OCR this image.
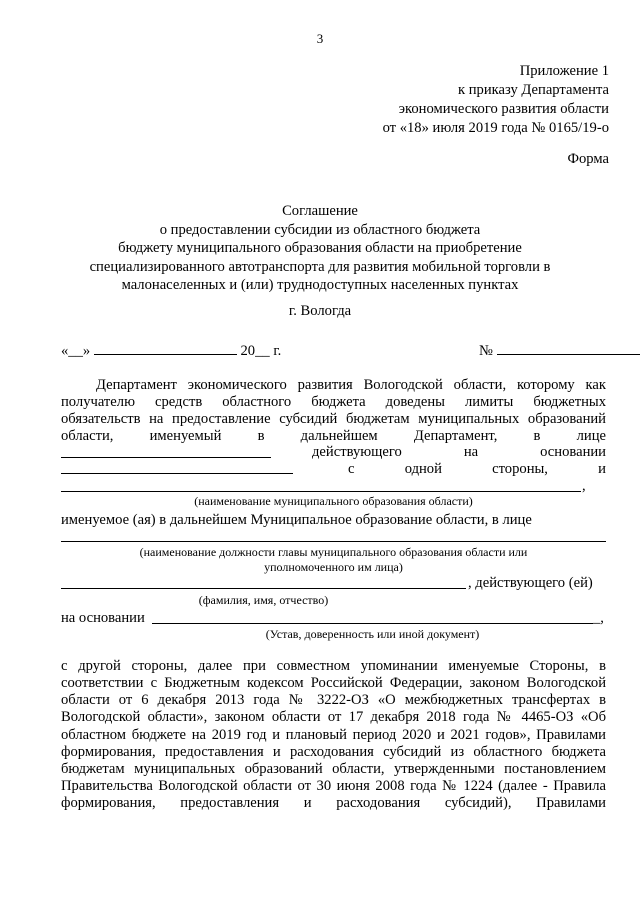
3
Приложение 1
к приказу Департамента
экономического развития области
от «18» июля 2019 года № 0165/19-о
Форма
Соглашение
о предоставлении субсидии из областного бюджета
бюджету муниципального образования области на приобретение
специализированного автотранспорта для развития мобильной торговли в
малонаселенных и (или) труднодоступных населенных пунктах
г. Вологда
«__»	20__ г.	№
Департамент экономического развития Вологодской области, которому как
получателю средств областного бюджета доведены лимиты бюджетных
обязательств на предоставление субсидий бюджетам муниципальных образований
области, именуемый в дальнейшем Департамент, в лице
действующего на основании
с одной стороны, и
,
(наименование муниципального образования области)
именуемое (ая) в дальнейшем Муниципальное образование области, в лице
(наименование должности главы муниципального образования области или
уполномоченного им лица)
, действующего (ей)
(фамилия, имя, отчество)
на основании	_,
(Устав, доверенность или иной документ)
с другой стороны, далее при совместном упоминании именуемые Стороны, в
соответствии с Бюджетным кодексом Российской Федерации, законом Вологодской
области от 6 декабря 2013 года № 3222-ОЗ «О межбюджетных трансфертах в
Вологодской области», законом области от 17 декабря 2018 года № 4465-ОЗ «Об
областном бюджете на 2019 год и плановый период 2020 и 2021 годов», Правилами
формирования, предоставления и расходования субсидий из областного бюджета
бюджетам муниципальных образований области, утвержденными постановлением
Правительства Вологодской области от 30 июня 2008 года № 1224 (далее - Правила
формирования, предоставления и расходования субсидий), Правилами
